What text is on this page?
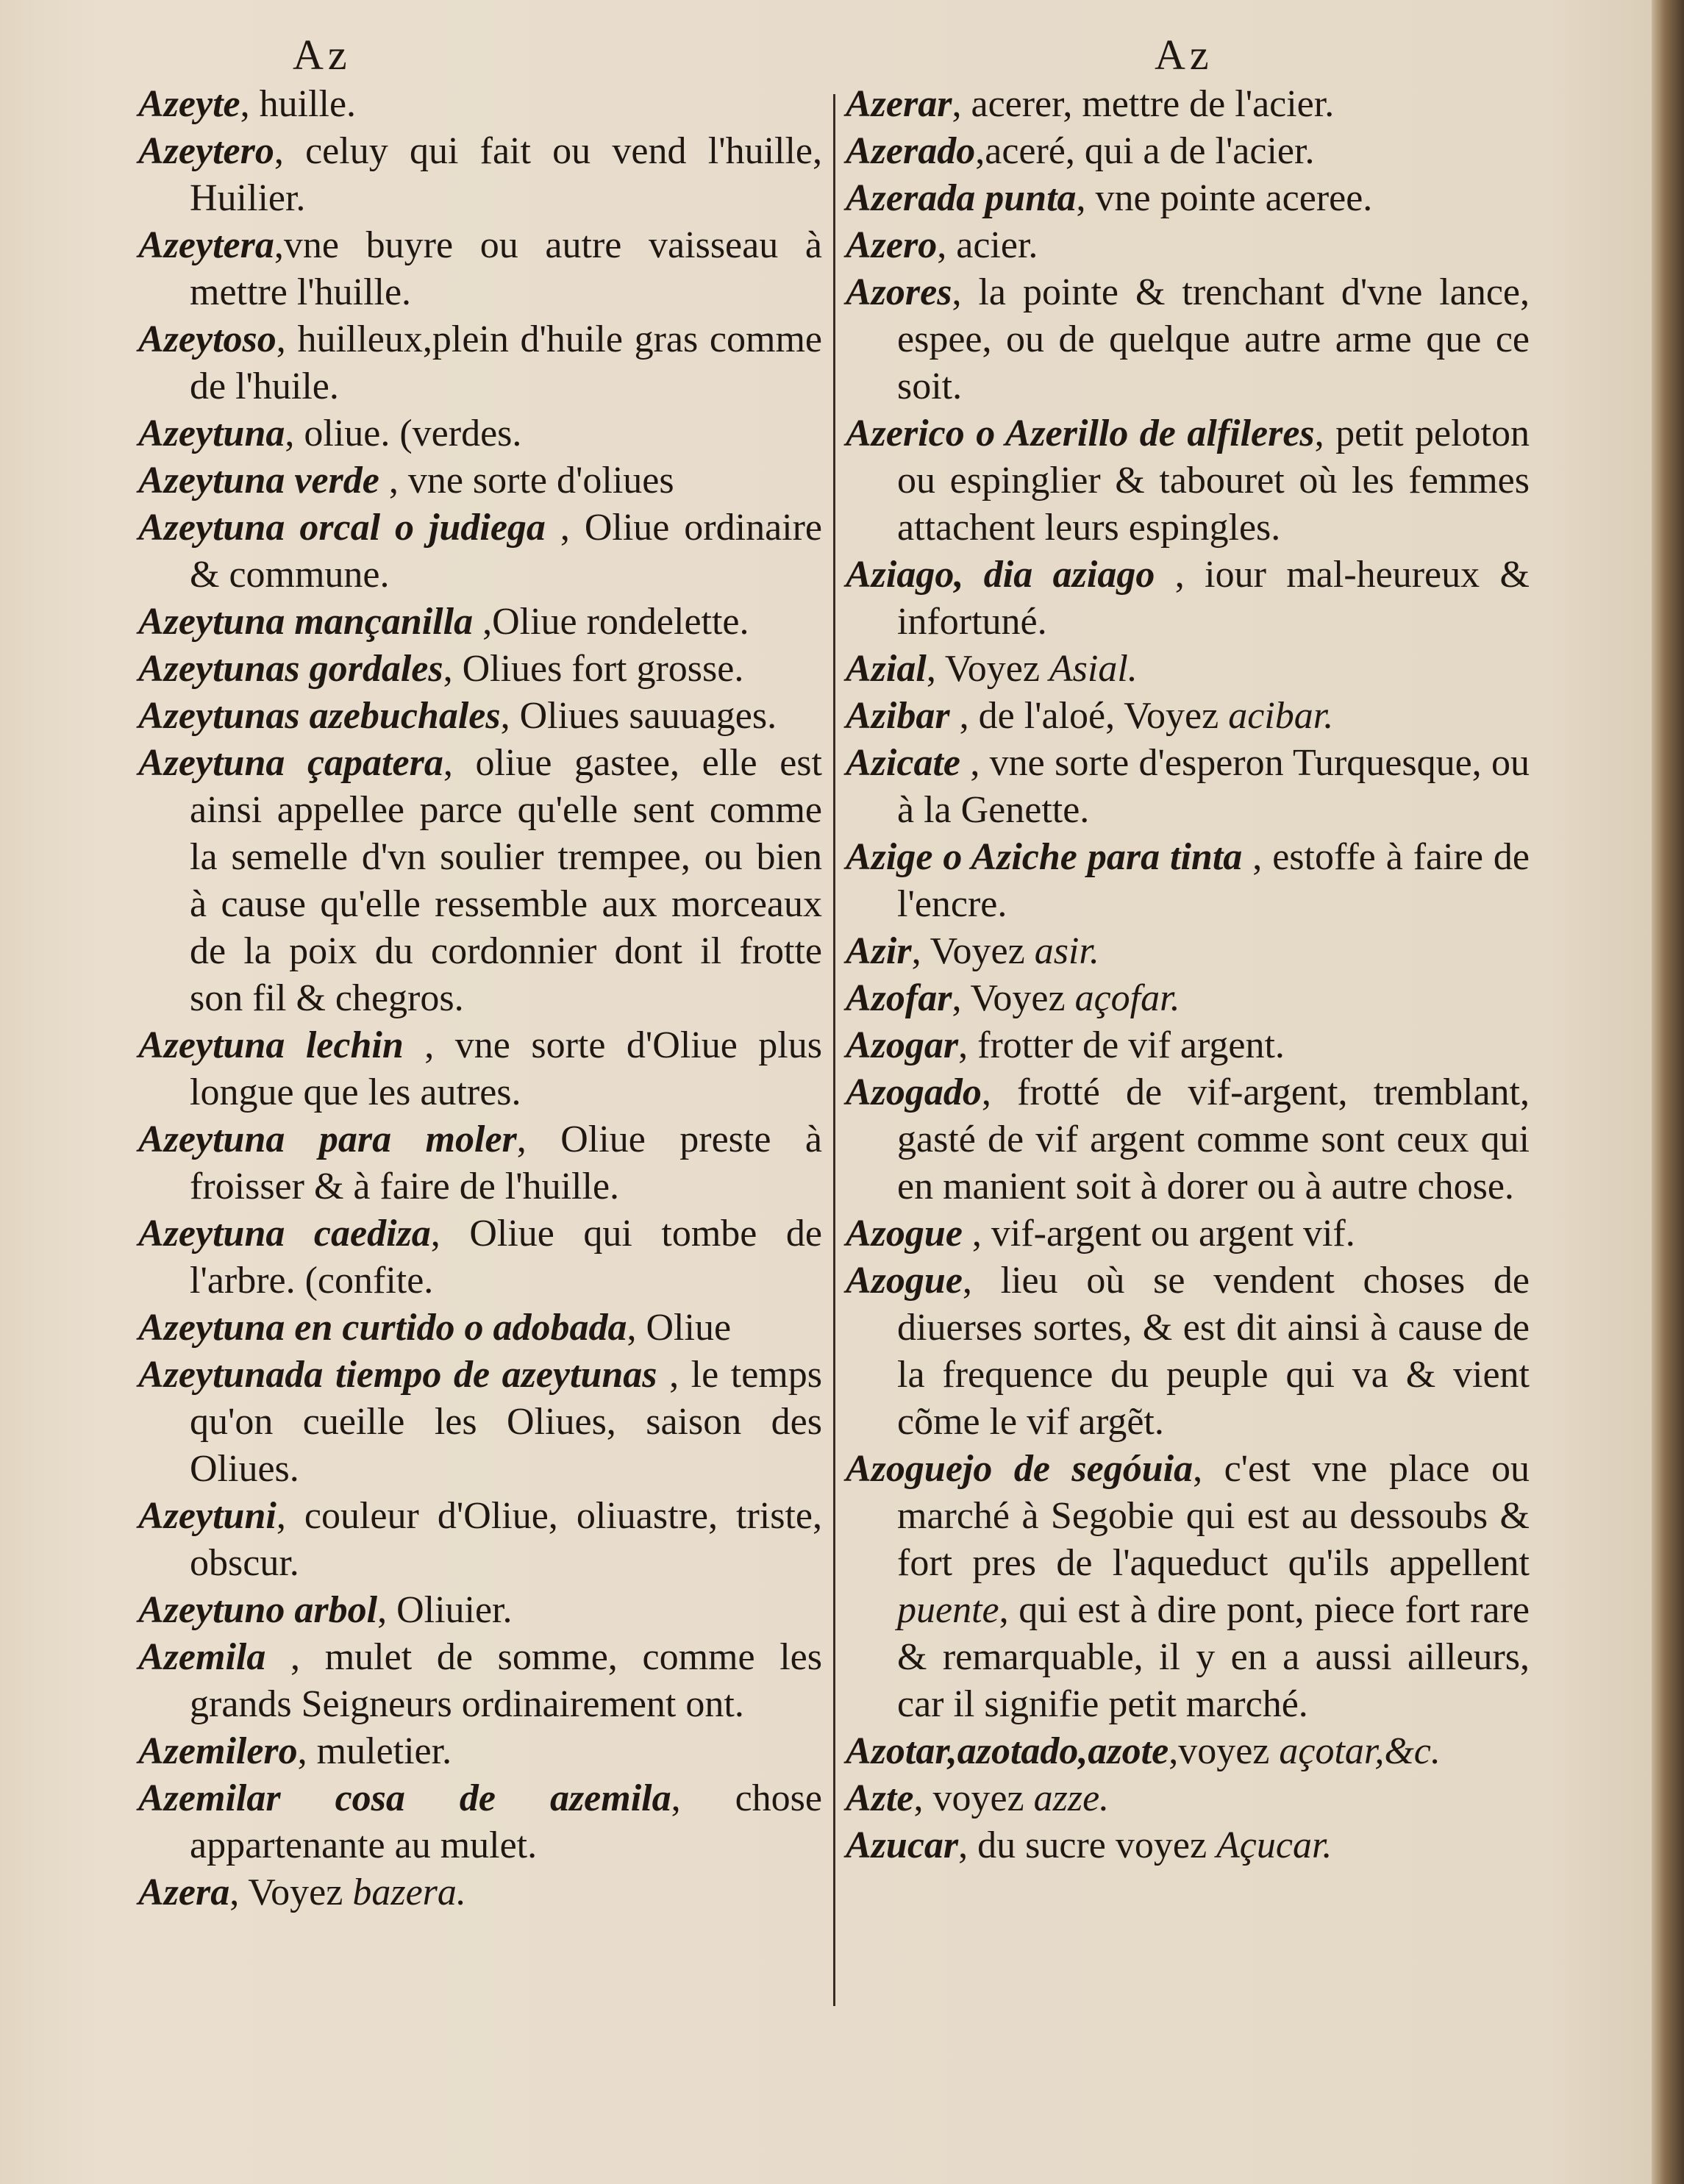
Az
Azeyte, huille.
Azeytero, celuy qui fait ou vend l'huille, Huilier.
Azeytera,vne buyre ou autre vaisseau à mettre l'huille.
Azeytoso, huilleux,plein d'huile gras comme de l'huile.
Azeytuna, oliue. (verdes.
Azeytuna verde , vne sorte d'oliues
Azeytuna orcal o judiega , Oliue ordinaire & commune.
Azeytuna mançanilla ,Oliue rondelette.
Azeytunas gordales, Oliues fort grosse.
Azeytunas azebuchales, Oliues sauuages.
Azeytuna çapatera, oliue gastee, elle est ainsi appellee parce qu'elle sent comme la semelle d'vn soulier trempee, ou bien à cause qu'elle ressemble aux morceaux de la poix du cordonnier dont il frotte son fil & chegros.
Azeytuna lechin , vne sorte d'Oliue plus longue que les autres.
Azeytuna para moler, Oliue preste à froisser & à faire de l'huille.
Azeytuna caediza, Oliue qui tombe de l'arbre. (confite.
Azeytuna en curtido o adobada, Oliue
Azeytunada tiempo de azeytunas , le temps qu'on cueille les Oliues, saison des Oliues.
Azeytuni, couleur d'Oliue, oliuastre, triste, obscur.
Azeytuno arbol, Oliuier.
Azemila , mulet de somme, comme les grands Seigneurs ordinairement ont.
Azemilero, muletier.
Azemilar cosa de azemila, chose appartenante au mulet.
Azera, Voyez bazera.
Az
Azerar, acerer, mettre de l'acier.
Azerado,aceré, qui a de l'acier.
Azerada punta, vne pointe aceree.
Azero, acier.
Azores, la pointe & trenchant d'vne lance, espee, ou de quelque autre arme que ce soit.
Azerico o Azerillo de alfileres, petit peloton ou espinglier & tabouret où les femmes attachent leurs espingles.
Aziago, dia aziago , iour mal-heureux & infortuné.
Azial, Voyez Asial.
Azibar , de l'aloé, Voyez acibar.
Azicate , vne sorte d'esperon Turquesque, ou à la Genette.
Azige o Aziche para tinta , estoffe à faire de l'encre.
Azir, Voyez asir.
Azofar, Voyez açofar.
Azogar, frotter de vif argent.
Azogado, frotté de vif-argent, tremblant, gasté de vif argent comme sont ceux qui en manient soit à dorer ou à autre chose.
Azogue , vif-argent ou argent vif.
Azogue, lieu où se vendent choses de diuerses sortes, & est dit ainsi à cause de la frequence du peuple qui va & vient cõme le vif argẽt.
Azoguejo de segóuia, c'est vne place ou marché à Segobie qui est au dessoubs & fort pres de l'aqueduct qu'ils appellent puente, qui est à dire pont, piece fort rare & remarquable, il y en a aussi ailleurs, car il signifie petit marché.
Azotar,azotado,azote,voyez açotar,&c.
Azte, voyez azze.
Azucar, du sucre voyez Açucar.
